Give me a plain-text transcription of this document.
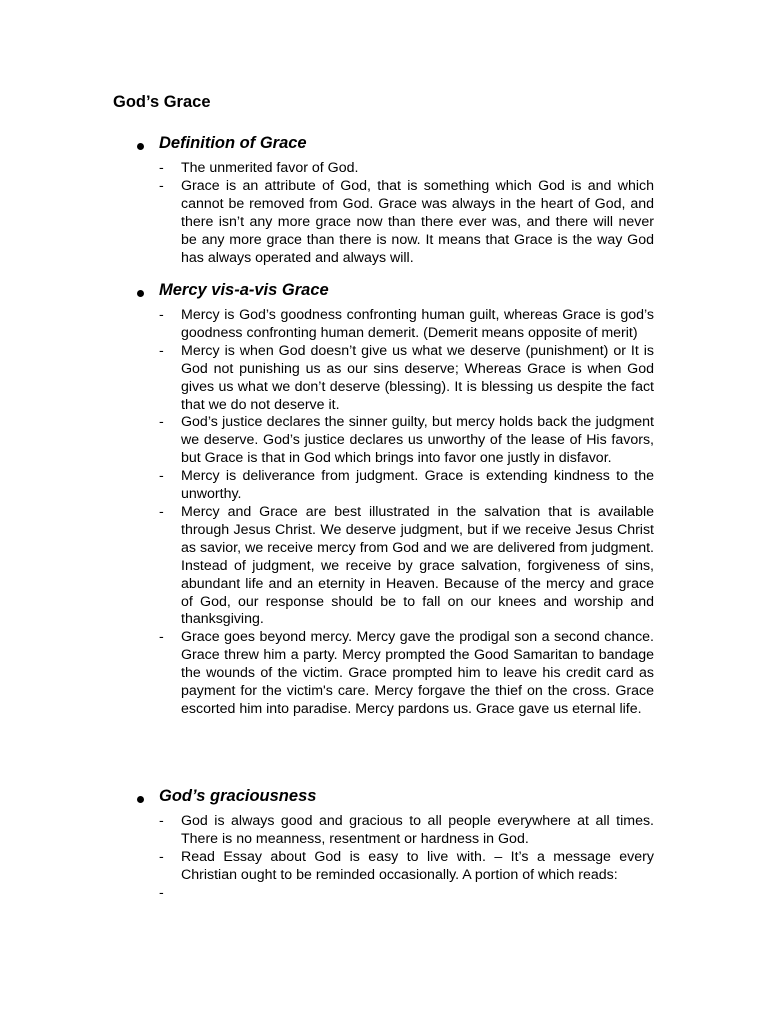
God’s Grace
Definition of Grace
- The unmerited favor of God.
- Grace is an attribute of God, that is something which God is and which cannot be removed from God. Grace was always in the heart of God, and there isn’t any more grace now than there ever was, and there will never be any more grace than there is now. It means that Grace is the way God has always operated and always will.
Mercy vis-a-vis Grace
- Mercy is God’s goodness confronting human guilt, whereas Grace is god’s goodness confronting human demerit. (Demerit means opposite of merit)
- Mercy is when God doesn’t give us what we deserve (punishment) or It is God not punishing us as our sins deserve; Whereas Grace is when God gives us what we don’t deserve (blessing). It is blessing us despite the fact that we do not deserve it.
- God’s justice declares the sinner guilty, but mercy holds back the judgment we deserve. God’s justice declares us unworthy of the lease of His favors, but Grace is that in God which brings into favor one justly in disfavor.
- Mercy is deliverance from judgment. Grace is extending kindness to the unworthy.
- Mercy and Grace are best illustrated in the salvation that is available through Jesus Christ. We deserve judgment, but if we receive Jesus Christ as savior, we receive mercy from God and we are delivered from judgment. Instead of judgment, we receive by grace salvation, forgiveness of sins, abundant life and an eternity in Heaven. Because of the mercy and grace of God, our response should be to fall on our knees and worship and thanksgiving.
- Grace goes beyond mercy. Mercy gave the prodigal son a second chance. Grace threw him a party. Mercy prompted the Good Samaritan to bandage the wounds of the victim. Grace prompted him to leave his credit card as payment for the victim's care. Mercy forgave the thief on the cross. Grace escorted him into paradise. Mercy pardons us. Grace gave us eternal life.
God’s graciousness
- God is always good and gracious to all people everywhere at all times. There is no meanness, resentment or hardness in God.
- Read Essay about God is easy to live with. – It’s a message every Christian ought to be reminded occasionally. A portion of which reads:
-
